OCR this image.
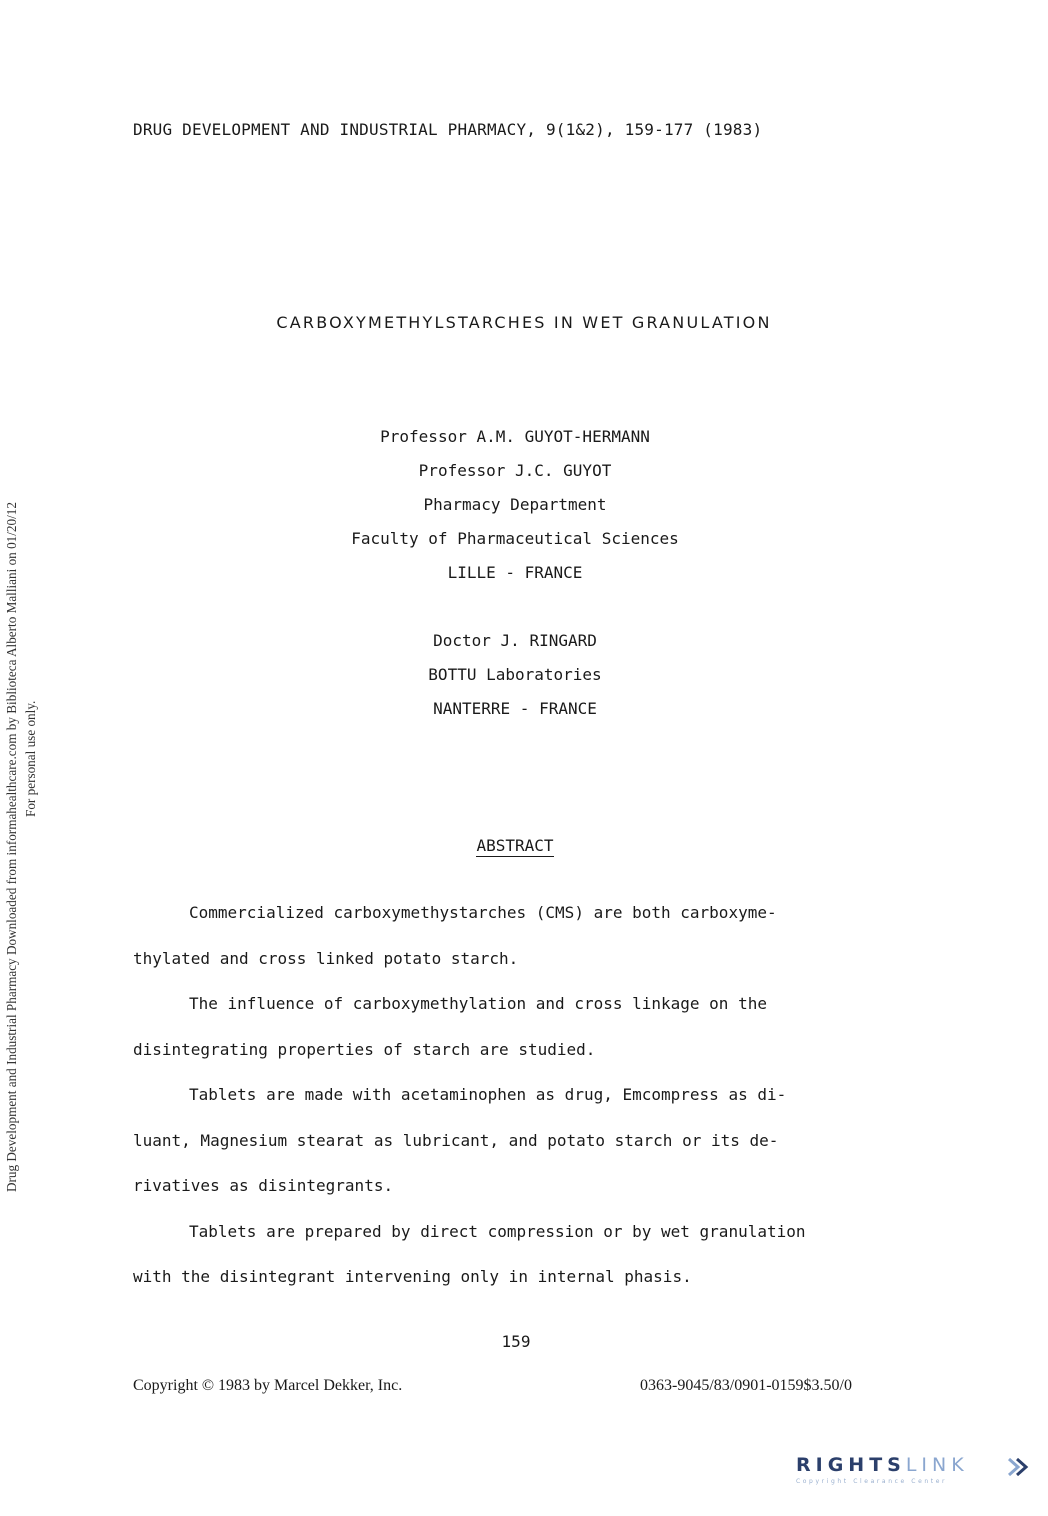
Drug Development and Industrial Pharmacy Downloaded from informahealthcare.com by Biblioteca Alberto Malliani on 01/20/12 For personal use only.
DRUG DEVELOPMENT AND INDUSTRIAL PHARMACY, 9(1&2), 159-177 (1983)
CARBOXYMETHYLSTARCHES IN WET GRANULATION
Professor A.M. GUYOT-HERMANN
Professor J.C. GUYOT
Pharmacy Department
Faculty of Pharmaceutical Sciences
LILLE - FRANCE
Doctor J. RINGARD
BOTTU Laboratories
NANTERRE - FRANCE
ABSTRACT
Commercialized carboxymethystarches (CMS) are both carboxyme-
thylated and cross linked potato starch.
The influence of carboxymethylation and cross linkage on the
disintegrating properties of starch are studied.
Tablets are made with acetaminophen as drug, Emcompress as di-
luant, Magnesium stearat as lubricant, and potato starch or its de-
rivatives as disintegrants.
Tablets are prepared by direct compression or by wet granulation
with the disintegrant intervening only in internal phasis.
159
Copyright © 1983 by Marcel Dekker, Inc.	0363-9045/83/0901-0159$3.50/0
RIGHTSLINK
Copyright Clearance Center
